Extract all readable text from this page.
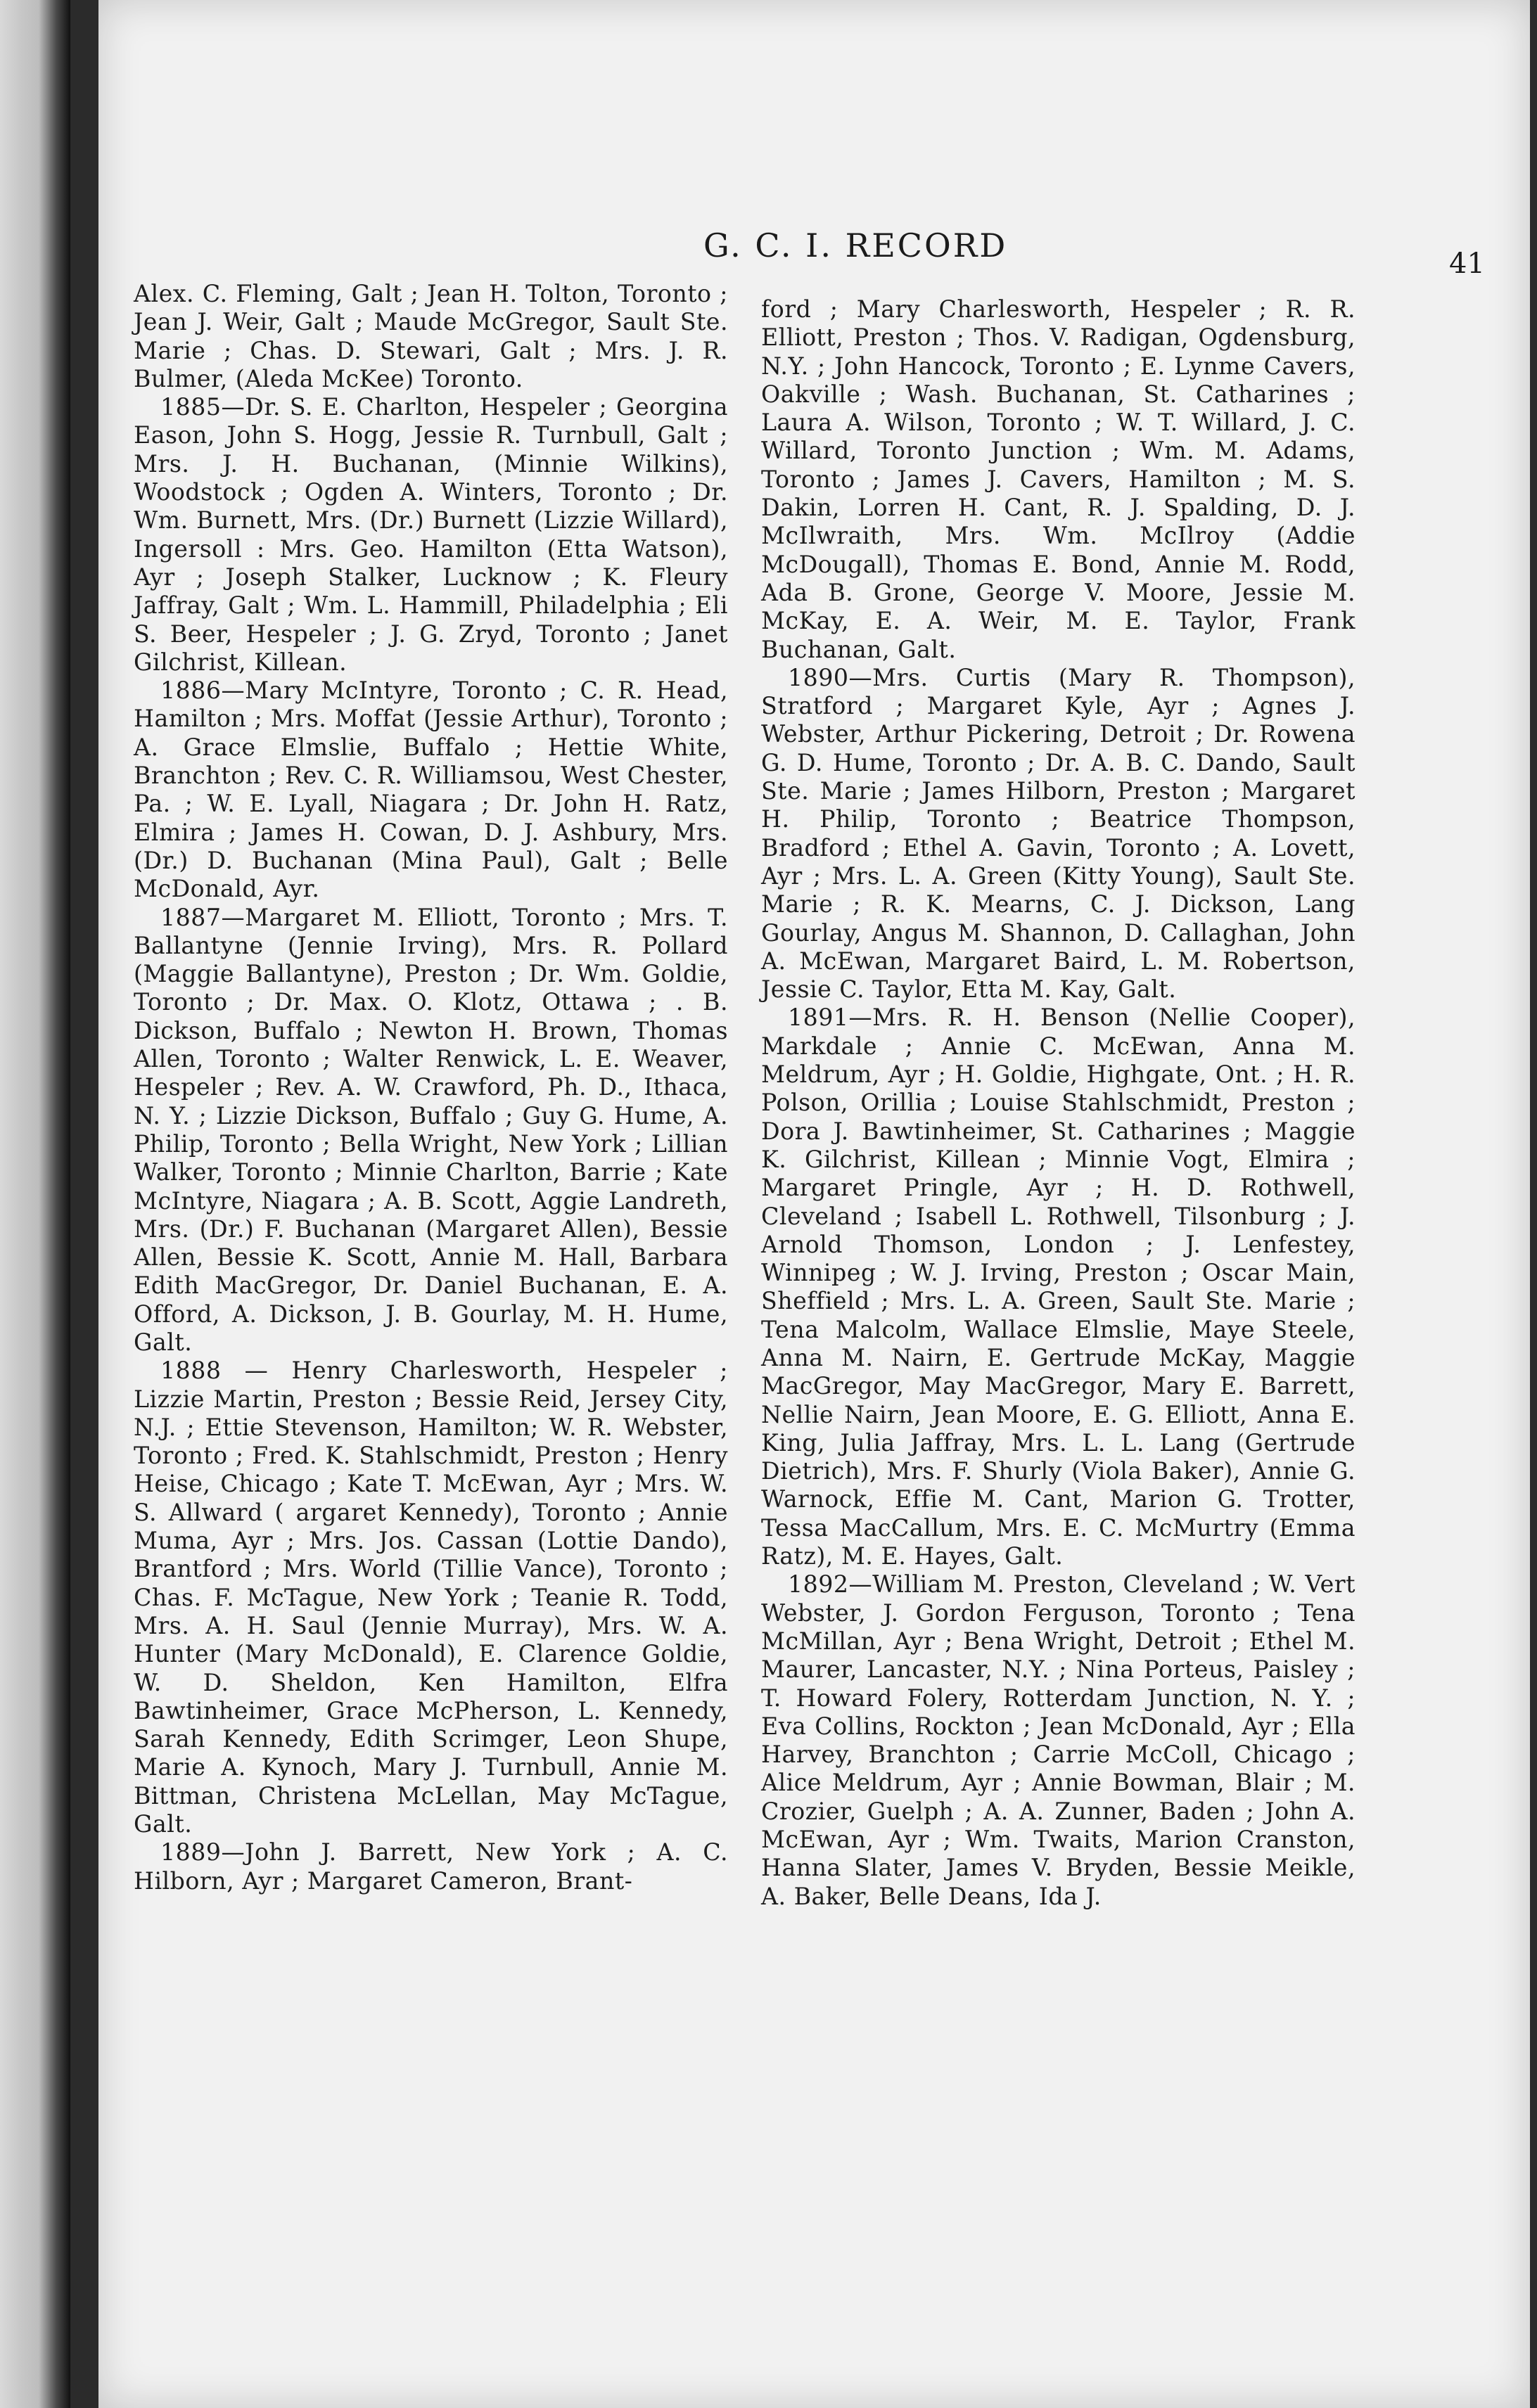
G. C. I. RECORD	41

Alex. C. Fleming, Galt ; Jean H. Tolton, Toronto ; Jean J. Weir, Galt ; Maude McGregor, Sault Ste. Marie ; Chas. D. Stewari, Galt ; Mrs. J. R. Bulmer, (Aleda McKee) Toronto.

1885—Dr. S. E. Charlton, Hespeler ; Georgina Eason, John S. Hogg, Jessie R. Turnbull, Galt ; Mrs. J. H. Buchanan, (Minnie Wilkins), Woodstock ; Ogden A. Winters, Toronto ; Dr. Wm. Burnett, Mrs. (Dr.) Burnett (Lizzie Willard), Ingersoll : Mrs. Geo. Hamilton (Etta Watson), Ayr ; Joseph Stalker, Lucknow ; K. Fleury Jaffray, Galt ; Wm. L. Hammill, Philadelphia ; Eli S. Beer, Hespeler ; J. G. Zryd, Toronto ; Janet Gilchrist, Killean.

1886—Mary McIntyre, Toronto ; C. R. Head, Hamilton ; Mrs. Moffat (Jessie Arthur), Toronto ; A. Grace Elmslie, Buffalo ; Hettie White, Branchton ; Rev. C. R. Williamsou, West Chester, Pa. ; W. E. Lyall, Niagara ; Dr. John H. Ratz, Elmira ; James H. Cowan, D. J. Ashbury, Mrs. (Dr.) D. Buchanan (Mina Paul), Galt ; Belle McDonald, Ayr.

1887—Margaret M. Elliott, Toronto ; Mrs. T. Ballantyne (Jennie Irving), Mrs. R. Pollard (Maggie Ballantyne), Preston ; Dr. Wm. Goldie, Toronto ; Dr. Max. O. Klotz, Ottawa ; . B. Dickson, Buffalo ; Newton H. Brown, Thomas Allen, Toronto ; Walter Renwick, L. E. Weaver, Hespeler ; Rev. A. W. Crawford, Ph. D., Ithaca, N. Y. ; Lizzie Dickson, Buffalo ; Guy G. Hume, A. Philip, Toronto ; Bella Wright, New York ; Lillian Walker, Toronto ; Minnie Charlton, Barrie ; Kate McIntyre, Niagara ; A. B. Scott, Aggie Landreth, Mrs. (Dr.) F. Buchanan (Margaret Allen), Bessie Allen, Bessie K. Scott, Annie M. Hall, Barbara Edith MacGregor, Dr. Daniel Buchanan, E. A. Offord, A. Dickson, J. B. Gourlay, M. H. Hume, Galt.

1888 — Henry Charlesworth, Hespeler ; Lizzie Martin, Preston ; Bessie Reid, Jersey City, N.J. ; Ettie Stevenson, Hamilton; W. R. Webster, Toronto ; Fred. K. Stahlschmidt, Preston ; Henry Heise, Chicago ; Kate T. McEwan, Ayr ; Mrs. W. S. Allward ( argaret Kennedy), Toronto ; Annie Muma, Ayr ; Mrs. Jos. Cassan (Lottie Dando), Brantford ; Mrs. World (Tillie Vance), Toronto ; Chas. F. McTague, New York ; Teanie R. Todd, Mrs. A. H. Saul (Jennie Murray), Mrs. W. A. Hunter (Mary McDonald), E. Clarence Goldie, W. D. Sheldon, Ken Hamilton, Elfra Bawtinheimer, Grace McPherson, L. Kennedy, Sarah Kennedy, Edith Scrimger, Leon Shupe, Marie A. Kynoch, Mary J. Turnbull, Annie M. Bittman, Christena McLellan, May McTague, Galt.

1889—John J. Barrett, New York ; A. C. Hilborn, Ayr ; Margaret Cameron, Brant-

ford ; Mary Charlesworth, Hespeler ; R. R. Elliott, Preston ; Thos. V. Radigan, Ogdensburg, N.Y. ; John Hancock, Toronto ; E. Lynme Cavers, Oakville ; Wash. Buchanan, St. Catharines ; Laura A. Wilson, Toronto ; W. T. Willard, J. C. Willard, Toronto Junction ; Wm. M. Adams, Toronto ; James J. Cavers, Hamilton ; M. S. Dakin, Lorren H. Cant, R. J. Spalding, D. J. McIlwraith, Mrs. Wm. McIlroy (Addie McDougall), Thomas E. Bond, Annie M. Rodd, Ada B. Grone, George V. Moore, Jessie M. McKay, E. A. Weir, M. E. Taylor, Frank Buchanan, Galt.

1890—Mrs. Curtis (Mary R. Thompson), Stratford ; Margaret Kyle, Ayr ; Agnes J. Webster, Arthur Pickering, Detroit ; Dr. Rowena G. D. Hume, Toronto ; Dr. A. B. C. Dando, Sault Ste. Marie ; James Hilborn, Preston ; Margaret H. Philip, Toronto ; Beatrice Thompson, Bradford ; Ethel A. Gavin, Toronto ; A. Lovett, Ayr ; Mrs. L. A. Green (Kitty Young), Sault Ste. Marie ; R. K. Mearns, C. J. Dickson, Lang Gourlay, Angus M. Shannon, D. Callaghan, John A. McEwan, Margaret Baird, L. M. Robertson, Jessie C. Taylor, Etta M. Kay, Galt.

1891—Mrs. R. H. Benson (Nellie Cooper), Markdale ; Annie C. McEwan, Anna M. Meldrum, Ayr ; H. Goldie, Highgate, Ont. ; H. R. Polson, Orillia ; Louise Stahlschmidt, Preston ; Dora J. Bawtinheimer, St. Catharines ; Maggie K. Gilchrist, Killean ; Minnie Vogt, Elmira ; Margaret Pringle, Ayr ; H. D. Rothwell, Cleveland ; Isabell L. Rothwell, Tilsonburg ; J. Arnold Thomson, London ; J. Lenfestey, Winnipeg ; W. J. Irving, Preston ; Oscar Main, Sheffield ; Mrs. L. A. Green, Sault Ste. Marie ; Tena Malcolm, Wallace Elmslie, Maye Steele, Anna M. Nairn, E. Gertrude McKay, Maggie MacGregor, May MacGregor, Mary E. Barrett, Nellie Nairn, Jean Moore, E. G. Elliott, Anna E. King, Julia Jaffray, Mrs. L. L. Lang (Gertrude Dietrich), Mrs. F. Shurly (Viola Baker), Annie G. Warnock, Effie M. Cant, Marion G. Trotter, Tessa MacCallum, Mrs. E. C. McMurtry (Emma Ratz), M. E. Hayes, Galt.

1892—William M. Preston, Cleveland ; W. Vert Webster, J. Gordon Ferguson, Toronto ; Tena McMillan, Ayr ; Bena Wright, Detroit ; Ethel M. Maurer, Lancaster, N.Y. ; Nina Porteus, Paisley ; T. Howard Folery, Rotterdam Junction, N. Y. ; Eva Collins, Rockton ; Jean McDonald, Ayr ; Ella Harvey, Branchton ; Carrie McColl, Chicago ; Alice Meldrum, Ayr ; Annie Bowman, Blair ; M. Crozier, Guelph ; A. A. Zunner, Baden ; John A. McEwan, Ayr ; Wm. Twaits, Marion Cranston, Hanna Slater, James V. Bryden, Bessie Meikle, A. Baker, Belle Deans, Ida J.
